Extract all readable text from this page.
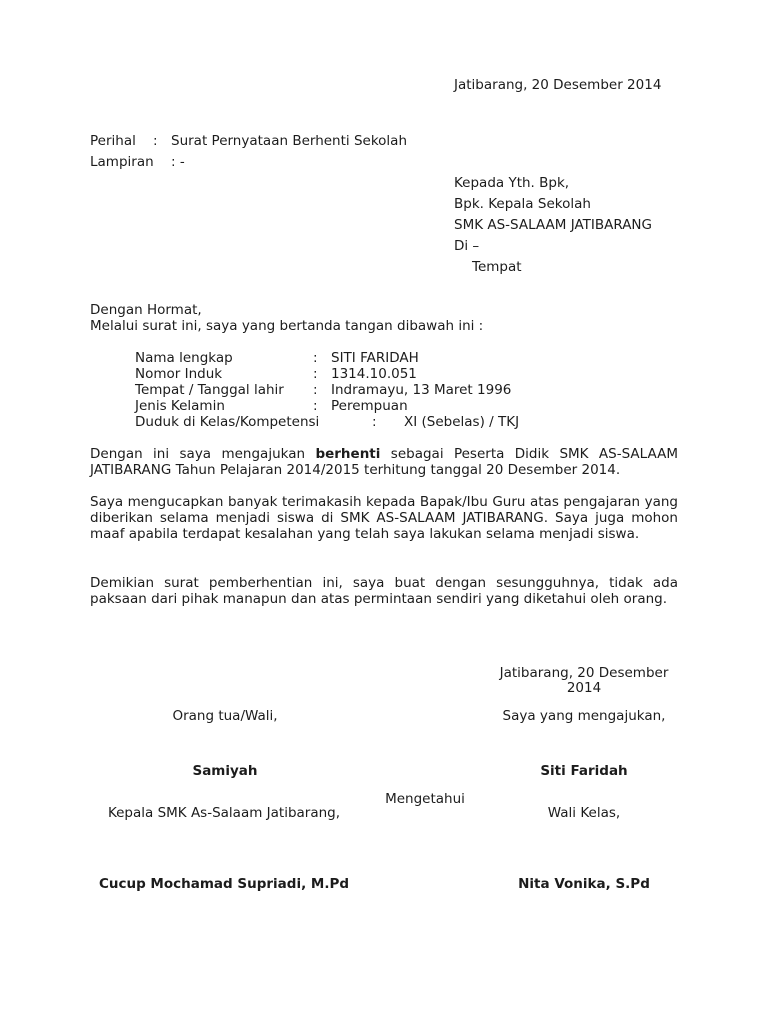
Jatibarang, 20 Desember 2014
Perihal : Surat Pernyataan Berhenti Sekolah
Lampiran : -
Kepada Yth. Bpk,
Bpk. Kepala Sekolah
SMK AS-SALAAM JATIBARANG
Di –
Tempat
Dengan Hormat,
Melalui surat ini, saya yang bertanda tangan dibawah ini :
Nama lengkap	: SITI FARIDAH
Nomor Induk	: 1314.10.051
Tempat / Tanggal lahir : Indramayu, 13 Maret 1996
Jenis Kelamin	: Perempuan
Duduk di Kelas/Kompetensi	: XI (Sebelas) / TKJ
Dengan ini saya mengajukan berhenti sebagai Peserta Didik SMK AS-SALAAM JATIBARANG Tahun Pelajaran 2014/2015 terhitung tanggal 20 Desember 2014.
Saya mengucapkan banyak terimakasih kepada Bapak/Ibu Guru atas pengajaran yang diberikan selama menjadi siswa di SMK AS-SALAAM JATIBARANG. Saya juga mohon maaf apabila terdapat kesalahan yang telah saya lakukan selama menjadi siswa.
Demikian surat pemberhentian ini, saya buat dengan sesungguhnya, tidak ada paksaan dari pihak manapun dan atas permintaan sendiri yang diketahui oleh orang.
Jatibarang, 20 Desember
2014
Orang tua/Wali,	Saya yang mengajukan,
Samiyah	Siti Faridah
Mengetahui
Kepala SMK As-Salaam Jatibarang,	Wali Kelas,
Cucup Mochamad Supriadi, M.Pd	Nita Vonika, S.Pd
